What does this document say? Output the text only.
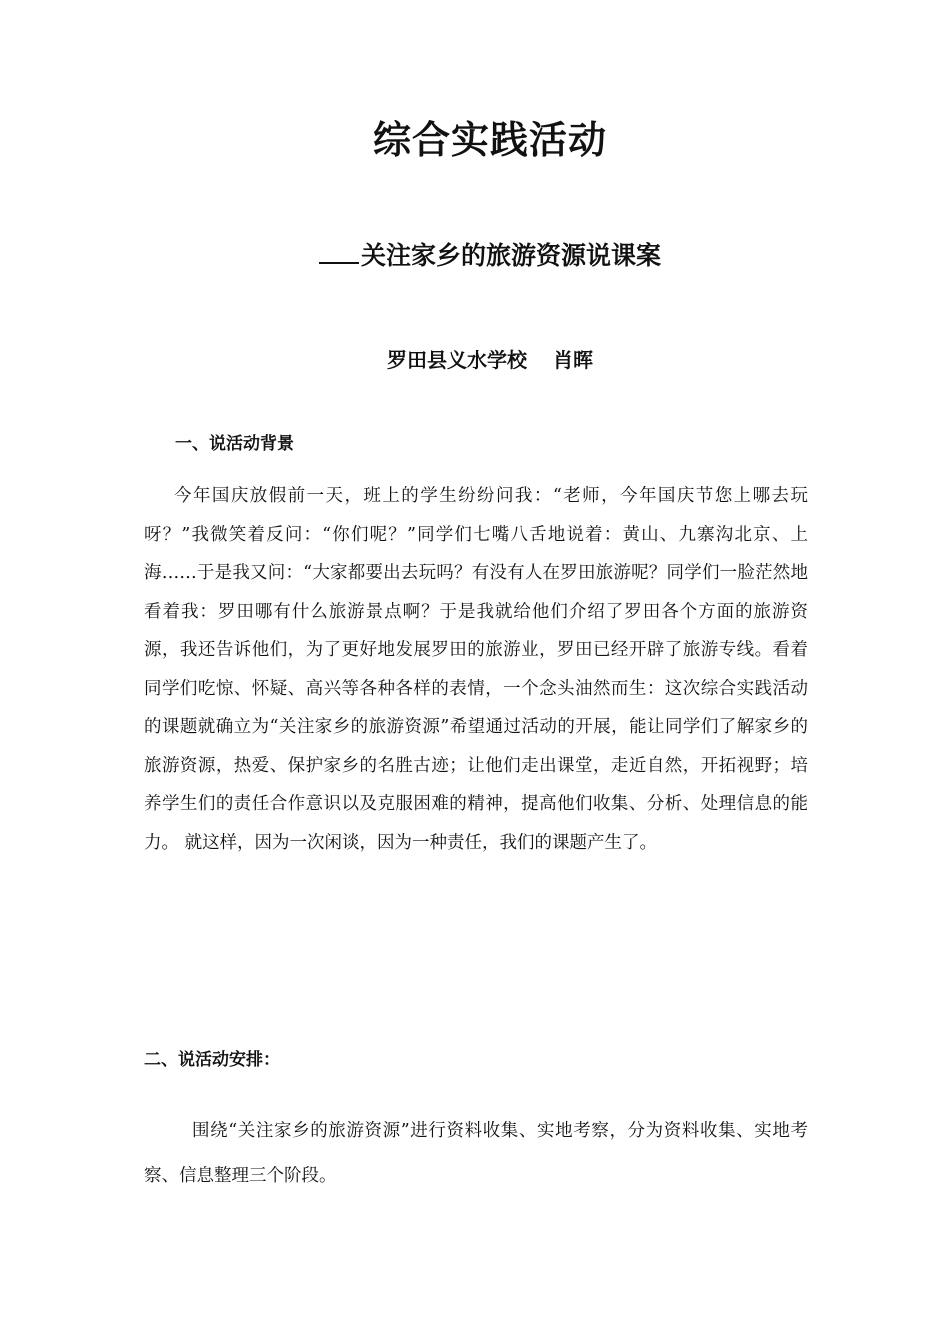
综合实践活动
关注家乡的旅游资源说课案
罗田县义水学校 肖晖
一、说活动背景
今年国庆放假前一天，班上的学生纷纷问我：“老师，今年国庆节您上哪去玩呀？”我微笑着反问：“你们呢？”同学们七嘴八舌地说着：黄山、九寨沟北京、上海……于是我又问：“大家都要出去玩吗？有没有人在罗田旅游呢？同学们一脸茫然地看着我：罗田哪有什么旅游景点啊？于是我就给他们介绍了罗田各个方面的旅游资源，我还告诉他们，为了更好地发展罗田的旅游业，罗田已经开辟了旅游专线。看着同学们吃惊、怀疑、高兴等各种各样的表情，一个念头油然而生：这次综合实践活动的课题就确立为“关注家乡的旅游资源”希望通过活动的开展，能让同学们了解家乡的旅游资源，热爱、保护家乡的名胜古迹；让他们走出课堂，走近自然，开拓视野；培养学生们的责任合作意识以及克服困难的精神，提高他们收集、分析、处理信息的能力。 就这样，因为一次闲谈，因为一种责任，我们的课题产生了。
二、说活动安排：
围绕“关注家乡的旅游资源”进行资料收集、实地考察，分为资料收集、实地考察、信息整理三个阶段。
